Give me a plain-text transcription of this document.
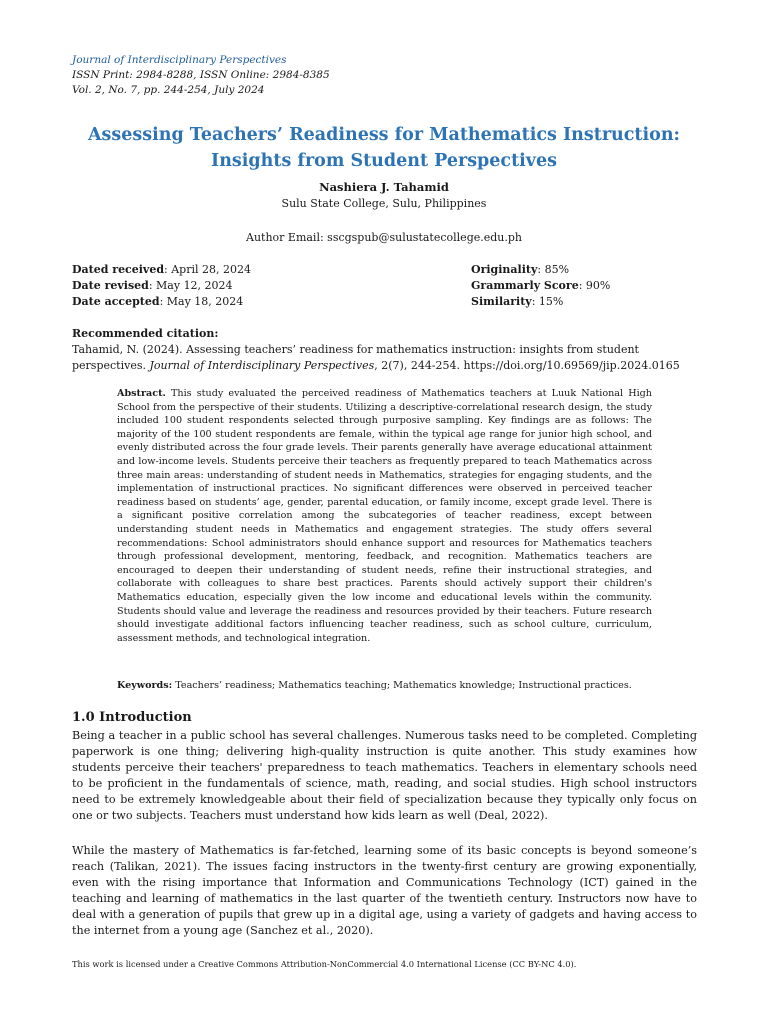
Journal of Interdisciplinary Perspectives
ISSN Print: 2984-8288, ISSN Online: 2984-8385
Vol. 2, No. 7, pp. 244-254, July 2024
Assessing Teachers’ Readiness for Mathematics Instruction:
Insights from Student Perspectives
Nashiera J. Tahamid
Sulu State College, Sulu, Philippines
Author Email: sscgspub@sulustatecollege.edu.ph
Dated received: April 28, 2024
Date revised: May 12, 2024
Date accepted: May 18, 2024
Originality: 85%
Grammarly Score: 90%
Similarity: 15%
Recommended citation:
Tahamid, N. (2024). Assessing teachers’ readiness for mathematics instruction: insights from student perspectives. Journal of Interdisciplinary Perspectives, 2(7), 244-254. https://doi.org/10.69569/jip.2024.0165
Abstract. This study evaluated the perceived readiness of Mathematics teachers at Luuk National High School from the perspective of their students. Utilizing a descriptive-correlational research design, the study included 100 student respondents selected through purposive sampling. Key findings are as follows: The majority of the 100 student respondents are female, within the typical age range for junior high school, and evenly distributed across the four grade levels. Their parents generally have average educational attainment and low-income levels. Students perceive their teachers as frequently prepared to teach Mathematics across three main areas: understanding of student needs in Mathematics, strategies for engaging students, and the implementation of instructional practices. No significant differences were observed in perceived teacher readiness based on students’ age, gender, parental education, or family income, except grade level. There is a significant positive correlation among the subcategories of teacher readiness, except between understanding student needs in Mathematics and engagement strategies. The study offers several recommendations: School administrators should enhance support and resources for Mathematics teachers through professional development, mentoring, feedback, and recognition. Mathematics teachers are encouraged to deepen their understanding of student needs, refine their instructional strategies, and collaborate with colleagues to share best practices. Parents should actively support their children's Mathematics education, especially given the low income and educational levels within the community. Students should value and leverage the readiness and resources provided by their teachers. Future research should investigate additional factors influencing teacher readiness, such as school culture, curriculum, assessment methods, and technological integration.
Keywords: Teachers’ readiness; Mathematics teaching; Mathematics knowledge; Instructional practices.
1.0 Introduction
Being a teacher in a public school has several challenges. Numerous tasks need to be completed. Completing paperwork is one thing; delivering high-quality instruction is quite another. This study examines how students perceive their teachers' preparedness to teach mathematics. Teachers in elementary schools need to be proficient in the fundamentals of science, math, reading, and social studies. High school instructors need to be extremely knowledgeable about their field of specialization because they typically only focus on one or two subjects. Teachers must understand how kids learn as well (Deal, 2022).
While the mastery of Mathematics is far-fetched, learning some of its basic concepts is beyond someone’s reach (Talikan, 2021). The issues facing instructors in the twenty-first century are growing exponentially, even with the rising importance that Information and Communications Technology (ICT) gained in the teaching and learning of mathematics in the last quarter of the twentieth century. Instructors now have to deal with a generation of pupils that grew up in a digital age, using a variety of gadgets and having access to the internet from a young age (Sanchez et al., 2020).
This work is licensed under a Creative Commons Attribution-NonCommercial 4.0 International License (CC BY-NC 4.0).
